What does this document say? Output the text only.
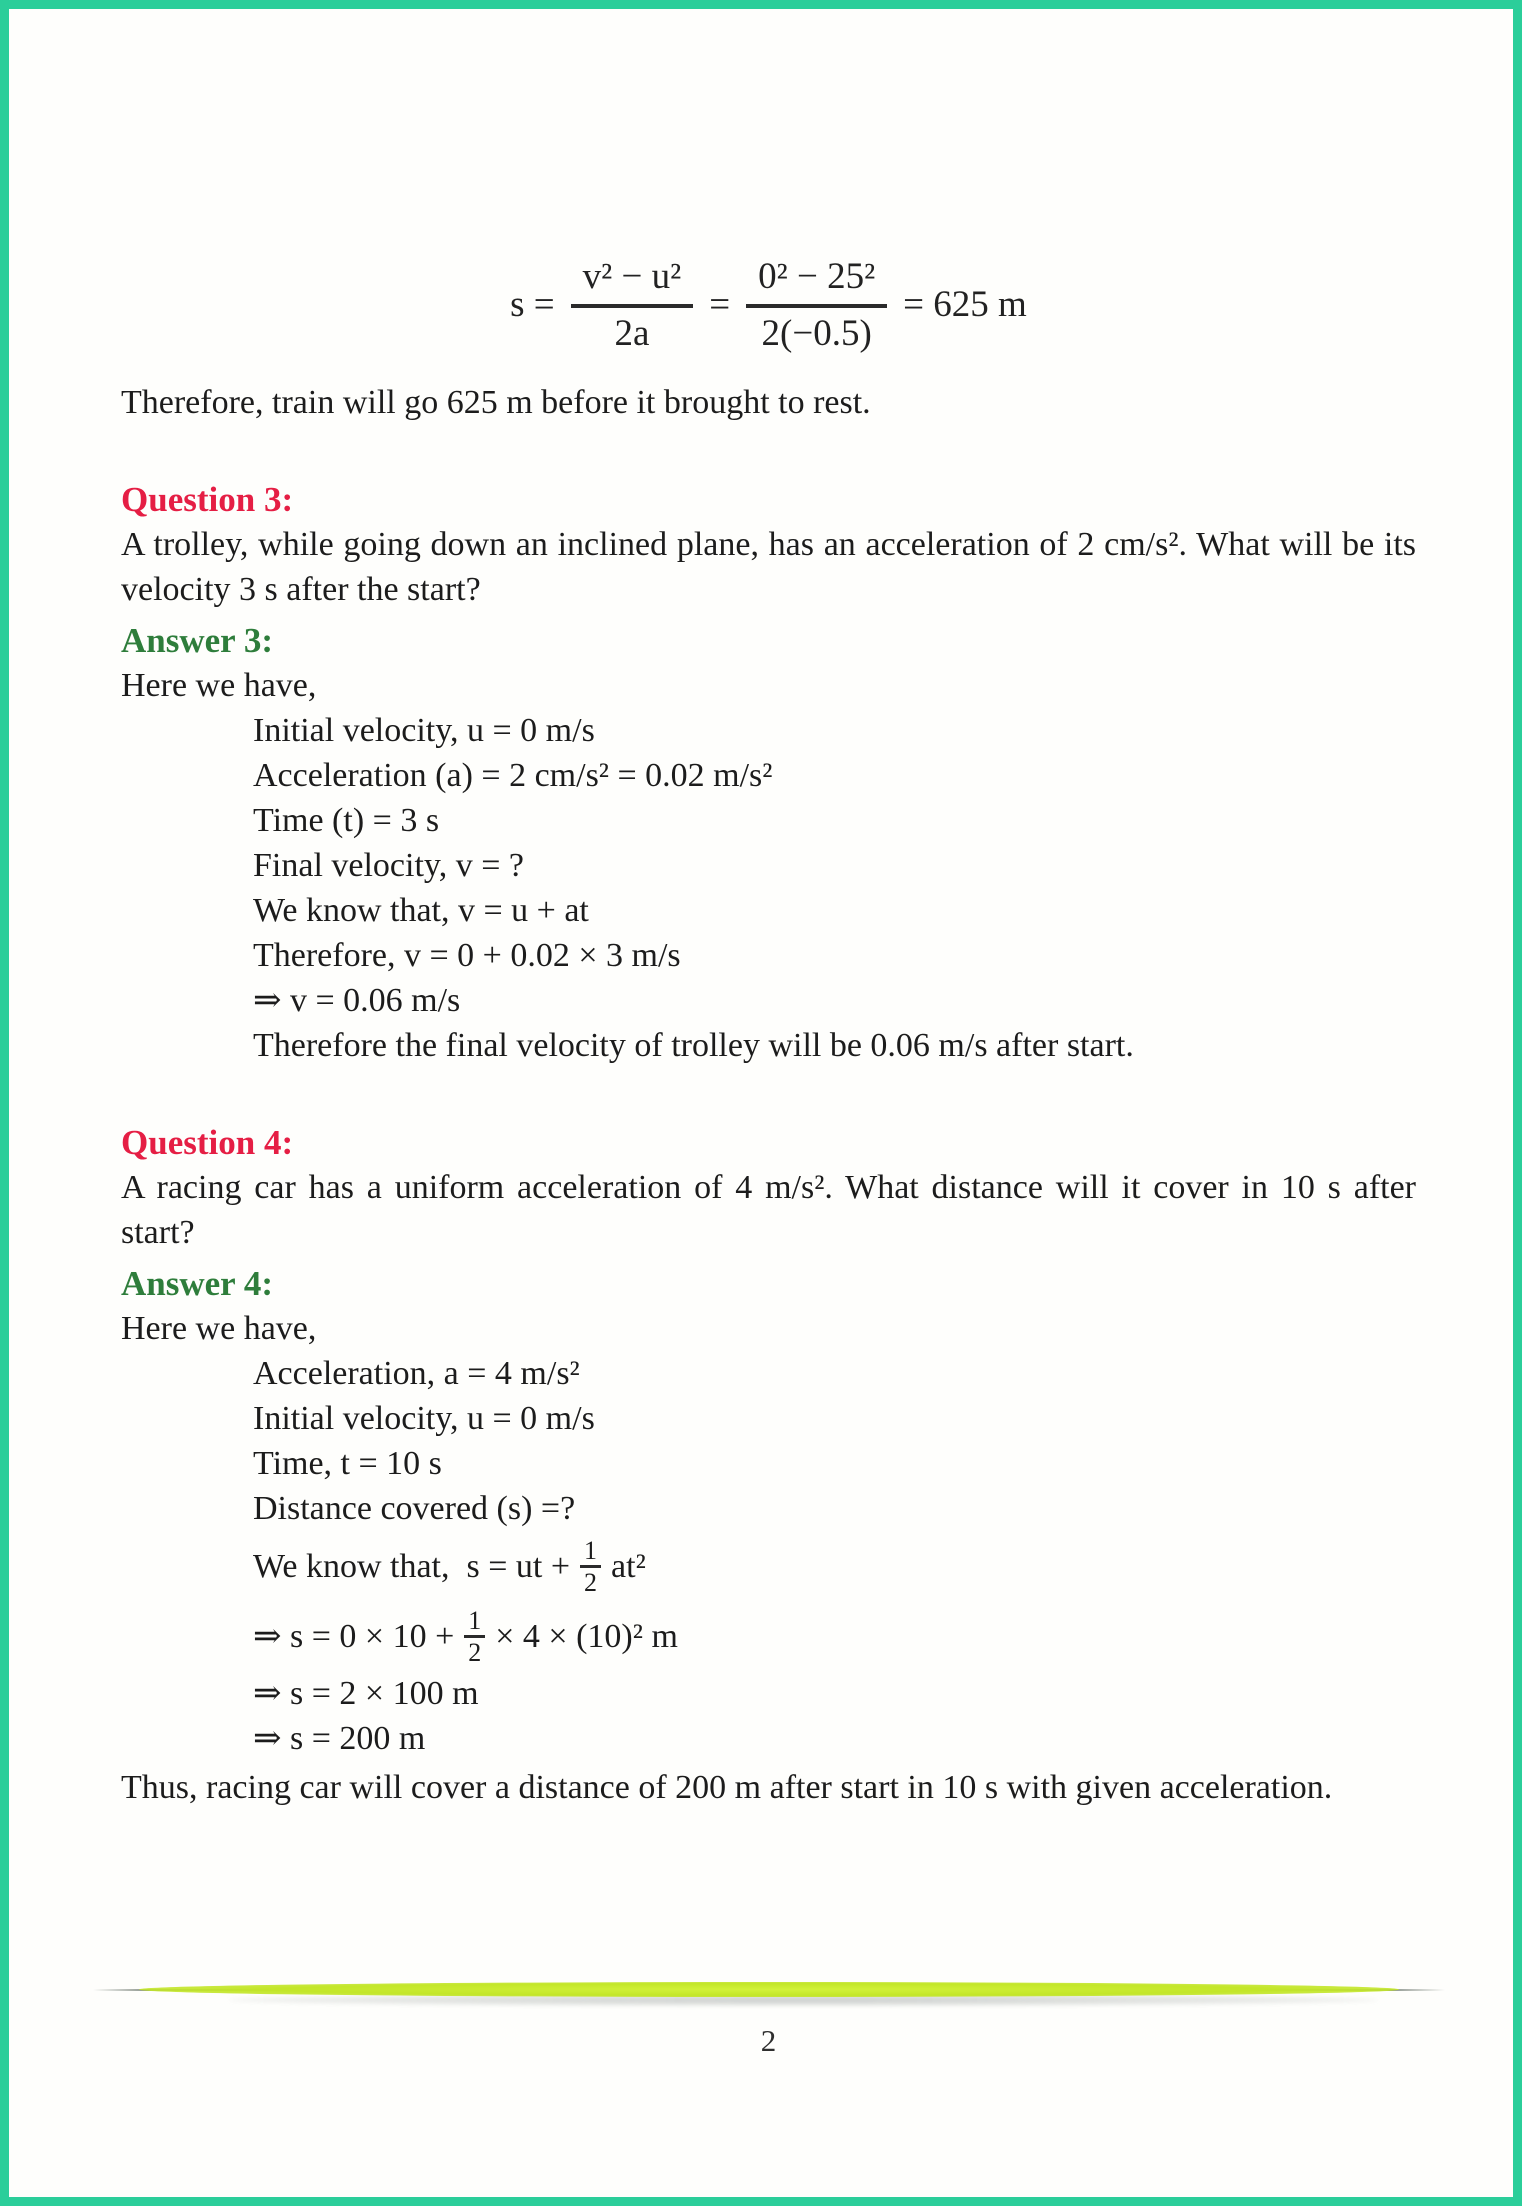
$s = \frac{\text{v² − u²}}{2a} = \frac{\text{0² − 25²}}{2(-0.5)} = 625$ m

Therefore, train will go 625 m before it brought to rest.

Question 3:

A trolley, while going down an inclined plane, has an acceleration of 2 cm/s². What will be its velocity 3 s after the start?

Answer 3:

Here we have,

Initial velocity, u = 0 m/s
Acceleration (a) = 2 cm/s² = 0.02 m/s²
Time (t) = 3 s
Final velocity, v = ?
We know that, v = u + at
Therefore, v = 0 + 0.02 × 3 m/s
⇒ v = 0.06 m/s
Therefore the final velocity of trolley will be 0.06 m/s after start.
Question 4:

A racing car has a uniform acceleration of 4 m/s². What distance will it cover in 10 s after start?

Answer 4:

Here we have,

Acceleration, a = 4 m/s²
Initial velocity, u = 0 m/s
Time, t = 10 s
Distance covered (s) =?
We know that,  s = ut + $\frac{1}{2} at^2$
⇒ $s = 0 \times 10 + \frac{1}{2} \times 4 \times (10)^2$ m
⇒ s = 2 × 100 m
⇒ s = 200 m

Thus, racing car will cover a distance of 200 m after start in 10 s with given acceleration.

2
